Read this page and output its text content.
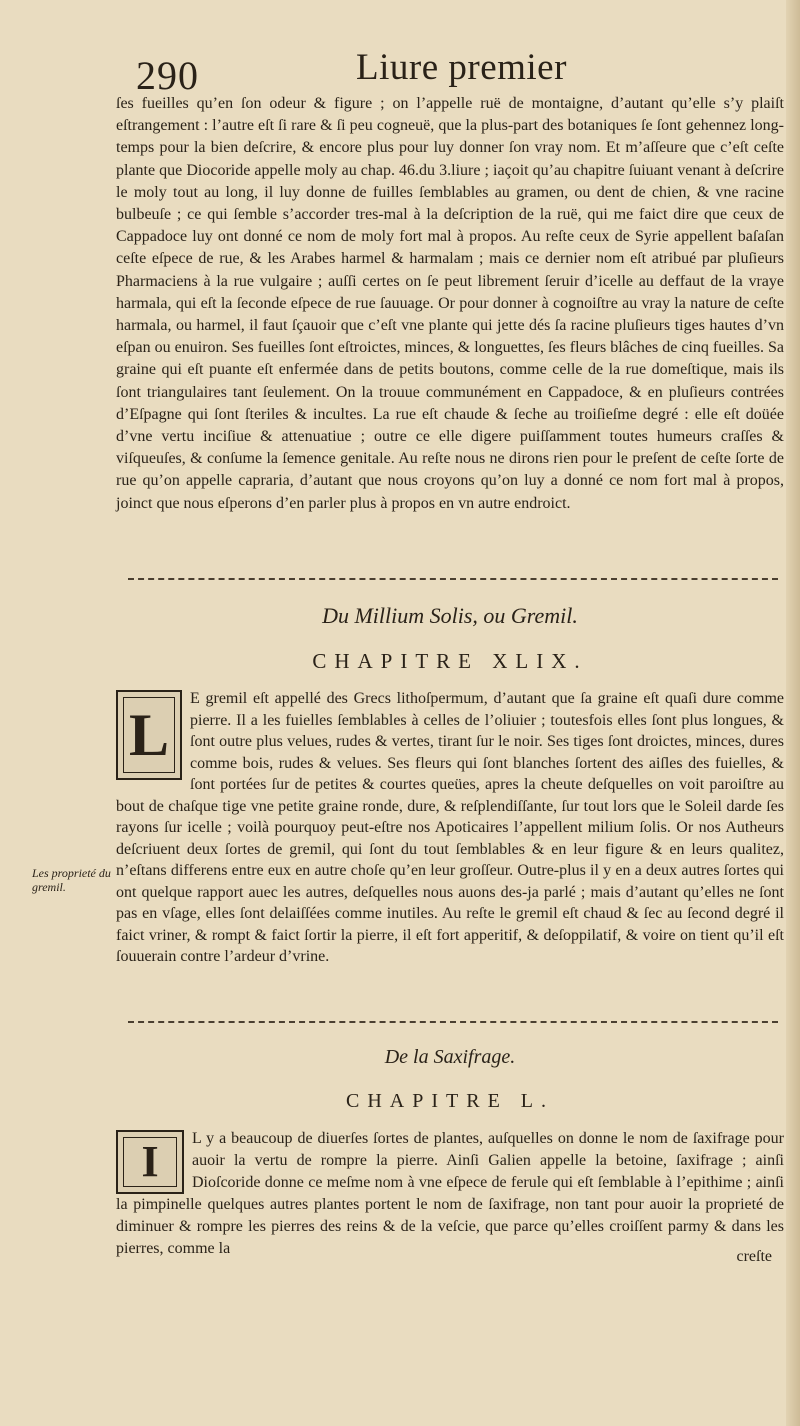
290	Liure premier
ſes fueilles qu’en ſon odeur & figure ; on l’appelle ruë de montaigne, d’autant qu’elle s’y plaiſt eſtrangement : l’autre eſt ſi rare & ſi peu cogneuë, que la plus-part des botaniques ſe ſont gehennez long-temps pour la bien deſcrire, & encore plus pour luy donner ſon vray nom. Et m’aſſeure que c’eſt ceſte plante que Diocoride appelle moly au chap. 46.du 3.liure ; iaçoit qu’au chapitre ſuiuant venant à deſcrire le moly tout au long, il luy donne de fuilles ſemblables au gramen, ou dent de chien, & vne racine bulbeuſe ; ce qui ſemble s’accorder tres-mal à la deſcription de la ruë, qui me faict dire que ceux de Cappadoce luy ont donné ce nom de moly fort mal à propos. Au reſte ceux de Syrie appellent baſaſan ceſte eſpece de rue, & les Arabes harmel & harmalam ; mais ce dernier nom eſt atribué par pluſieurs Pharmaciens à la rue vulgaire ; auſſi certes on ſe peut librement ſeruir d’icelle au deffaut de la vraye harmala, qui eſt la ſeconde eſpece de rue ſauuage. Or pour donner à cognoiſtre au vray la nature de ceſte harmala, ou harmel, il faut ſçauoir que c’eſt vne plante qui jette dés ſa racine pluſieurs tiges hautes d’vn eſpan ou enuiron. Ses fueilles ſont eſtroictes, minces, & longuettes, ſes fleurs blâches de cinq fueilles. Sa graine qui eſt puante eſt enfermée dans de petits boutons, comme celle de la rue domeſtique, mais ils ſont triangulaires tant ſeulement. On la trouue communément en Cappadoce, & en pluſieurs contrées d’Eſpagne qui ſont ſteriles & incultes. La rue eſt chaude & ſeche au troiſieſme degré : elle eſt doüée d’vne vertu inciſiue & attenuatiue ; outre ce elle digere puiſſamment toutes humeurs craſſes & viſqueuſes, & conſume la ſemence genitale. Au reſte nous ne dirons rien pour le preſent de ceſte ſorte de rue qu’on appelle capraria, d’autant que nous croyons qu’on luy a donné ce nom fort mal à propos, joinct que nous eſperons d’en parler plus à propos en vn autre endroict.
Du Millium Solis, ou Gremil.
CHAPITRE XLIX.
Les proprieté du gremil.
L
E gremil eſt appellé des Grecs lithoſpermum, d’autant que ſa graine eſt quaſi dure comme pierre. Il a les fuielles ſemblables à celles de l’oliuier ; toutesfois elles ſont plus longues, & ſont outre plus velues, rudes & vertes, tirant ſur le noir. Ses tiges ſont droictes, minces, dures comme bois, rudes & velues. Ses fleurs qui ſont blanches ſortent des aiſles des fuielles, & ſont portées ſur de petites & courtes queües, apres la cheute deſquelles on voit paroiſtre au bout de chaſque tige vne petite graine ronde, dure, & reſplendiſſante, ſur tout lors que le Soleil darde ſes rayons ſur icelle ; voilà pourquoy peut-eſtre nos Apoticaires l’appellent milium ſolis. Or nos Autheurs deſcriuent deux ſortes de gremil, qui ſont du tout ſemblables & en leur figure & en leurs qualitez, n’eſtans differens entre eux en autre choſe qu’en leur groſſeur. Outre-plus il y en a deux autres ſortes qui ont quelque rapport auec les autres, deſquelles nous auons des-ja parlé ; mais d’autant qu’elles ne ſont pas en vſage, elles ſont delaiſſées comme inutiles. Au reſte le gremil eſt chaud & ſec au ſecond degré il faict vriner, & rompt & faict ſortir la pierre, il eſt fort apperitif, & deſoppilatif, & voire on tient qu’il eſt ſouuerain contre l’ardeur d’vrine.
De la Saxifrage.
CHAPITRE L.
I	L y a beaucoup de diuerſes ſortes de plantes, auſquelles on donne le nom de ſaxifrage pour auoir la vertu de rompre la pierre. Ainſi Galien appelle la betoine, ſaxifrage ; ainſi Dioſcoride donne ce meſme nom à vne eſpece de ferule qui eſt ſemblable à l’epithime ; ainſi la pimpinelle quelques autres plantes portent le nom de ſaxifrage, non tant pour auoir la proprieté de diminuer & rompre les pierres des reins & de la veſcie, que parce qu’elles croiſſent parmy & dans les pierres, comme la	creſte
